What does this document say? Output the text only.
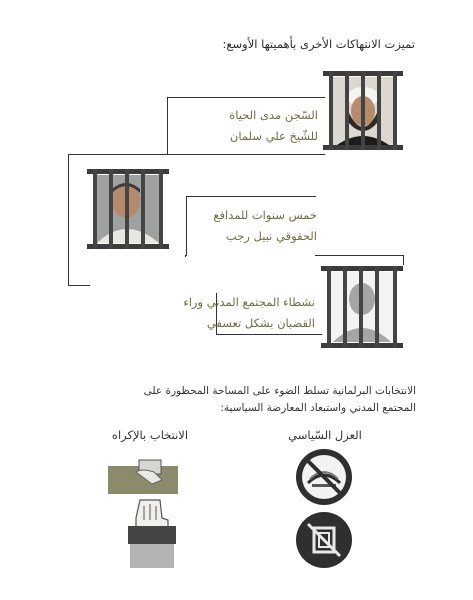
تميزت الانتهاكات الأخرى بأهميتها الأوسع:
السّجن مدى الحياة
للشّيخ علي سلمان
خمس سنوات للمدافع
الحقوقي نبيل رجب
نشطاء المجتمع المدني وراء
القضبان بشكل تعسفي
الانتخابات البرلمانية تسلط الضوء على المساحة المحظورة على
المجتمع المدني واستبعاد المعارضة السياسية:
العزل السّياسي
الانتخاب بالإكراه
